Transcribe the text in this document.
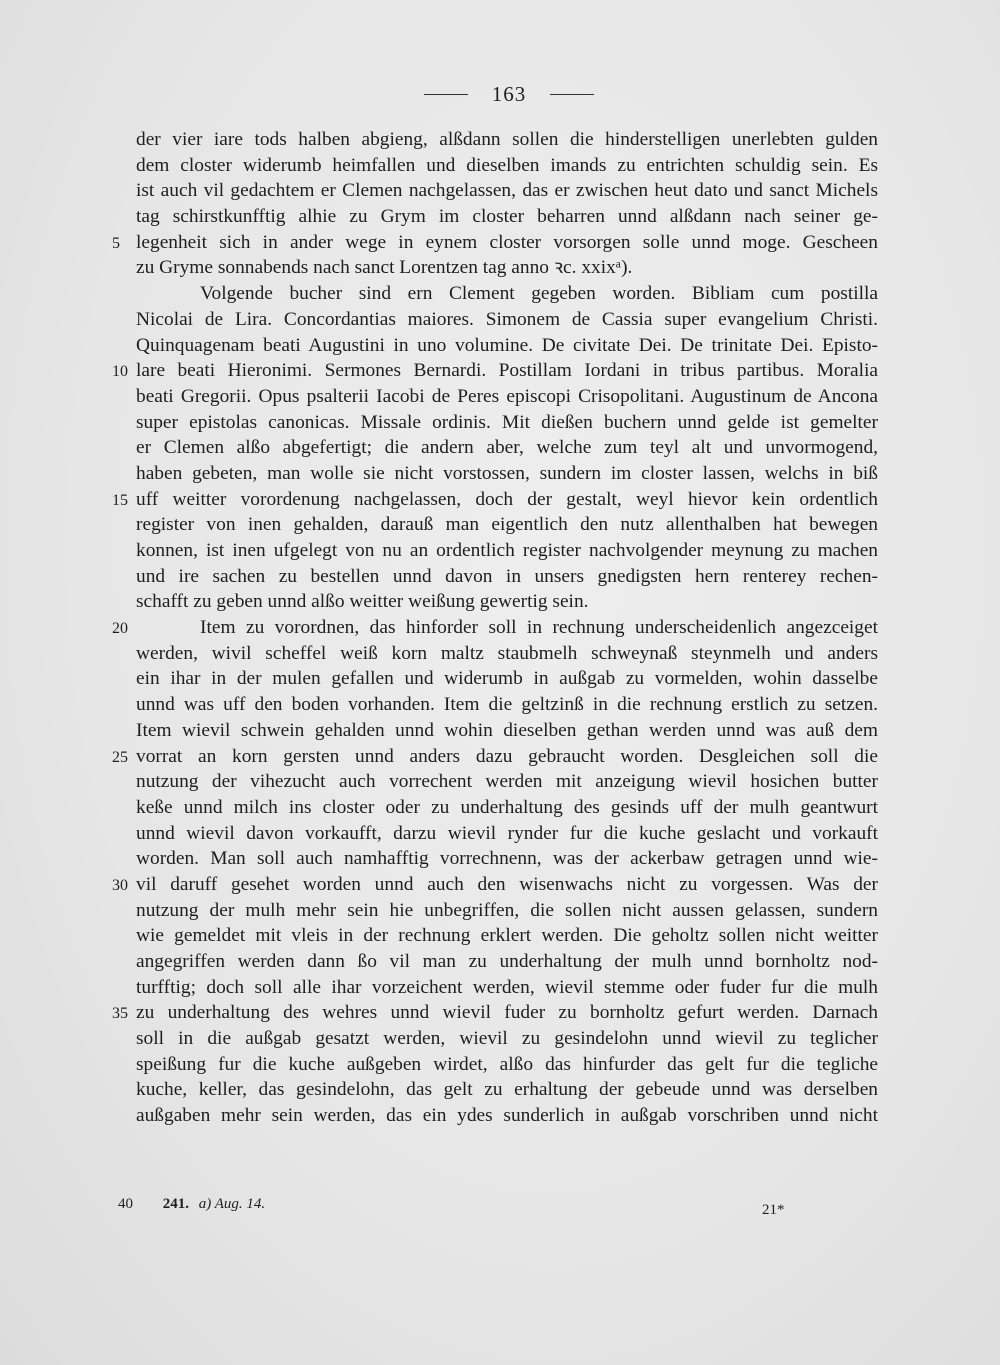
163
der vier iare tods halben abgieng, alßdann sollen die hinderstelligen unerlebten gulden
dem closter widerumb heimfallen und dieselben imands zu entrichten schuldig sein. Es
ist auch vil gedachtem er Clemen nachgelassen, das er zwischen heut dato und sanct Michels
tag schirstkunfftig alhie zu Grym im closter beharren unnd alßdann nach seiner ge-
5 legenheit sich in ander wege in eynem closter vorsorgen solle unnd moge. Gescheen
zu Gryme sonnabends nach sanct Lorentzen tag anno ꝛc. xxixᵃ).
Volgende bucher sind ern Clement gegeben worden. Bibliam cum postilla
Nicolai de Lira. Concordantias maiores. Simonem de Cassia super evangelium Christi.
Quinquagenam beati Augustini in uno volumine. De civitate Dei. De trinitate Dei. Episto-
10 lare beati Hieronimi. Sermones Bernardi. Postillam Iordani in tribus partibus. Moralia
beati Gregorii. Opus psalterii Iacobi de Peres episcopi Crisopolitani. Augustinum de Ancona
super epistolas canonicas. Missale ordinis. Mit dießen buchern unnd gelde ist gemelter
er Clemen alßo abgefertigt; die andern aber, welche zum teyl alt und unvormogend,
haben gebeten, man wolle sie nicht vorstossen, sundern im closter lassen, welchs in biß
15 uff weitter vorordenung nachgelassen, doch der gestalt, weyl hievor kein ordentlich
register von inen gehalden, darauß man eigentlich den nutz allenthalben hat bewegen
konnen, ist inen ufgelegt von nu an ordentlich register nachvolgender meynung zu machen
und ire sachen zu bestellen unnd davon in unsers gnedigsten hern renterey rechen-
schafft zu geben unnd alßo weitter weißung gewertig sein.
20	Item zu vorordnen, das hinforder soll in rechnung underscheidenlich angezceiget
werden, wivil scheffel weiß korn maltz staubmelh schweynaß steynmelh und anders
ein ihar in der mulen gefallen und widerumb in außgab zu vormelden, wohin dasselbe
unnd was uff den boden vorhanden. Item die geltzinß in die rechnung erstlich zu setzen.
Item wievil schwein gehalden unnd wohin dieselben gethan werden unnd was auß dem
25 vorrat an korn gersten unnd anders dazu gebraucht worden. Desgleichen soll die
nutzung der vihezucht auch vorrechent werden mit anzeigung wievil hosichen butter
keße unnd milch ins closter oder zu underhaltung des gesinds uff der mulh geantwurt
unnd wievil davon vorkaufft, darzu wievil rynder fur die kuche geslacht und vorkauft
worden. Man soll auch namhafftig vorrechnenn, was der ackerbaw getragen unnd wie-
30 vil daruff gesehet worden unnd auch den wisenwachs nicht zu vorgessen. Was der
nutzung der mulh mehr sein hie unbegriffen, die sollen nicht aussen gelassen, sundern
wie gemeldet mit vleis in der rechnung erklert werden. Die geholtz sollen nicht weitter
angegriffen werden dann ßo vil man zu underhaltung der mulh unnd bornholtz nod-
turfftig; doch soll alle ihar vorzeichent werden, wievil stemme oder fuder fur die mulh
35 zu underhaltung des wehres unnd wievil fuder zu bornholtz gefurt werden. Darnach
soll in die außgab gesatzt werden, wievil zu gesindelohn unnd wievil zu teglicher
speißung fur die kuche außgeben wirdet, alßo das hinfurder das gelt fur die tegliche
kuche, keller, das gesindelohn, das gelt zu erhaltung der gebeude unnd was derselben
außgaben mehr sein werden, das ein ydes sunderlich in außgab vorschriben unnd nicht
40 241. a) Aug. 14.	21*
